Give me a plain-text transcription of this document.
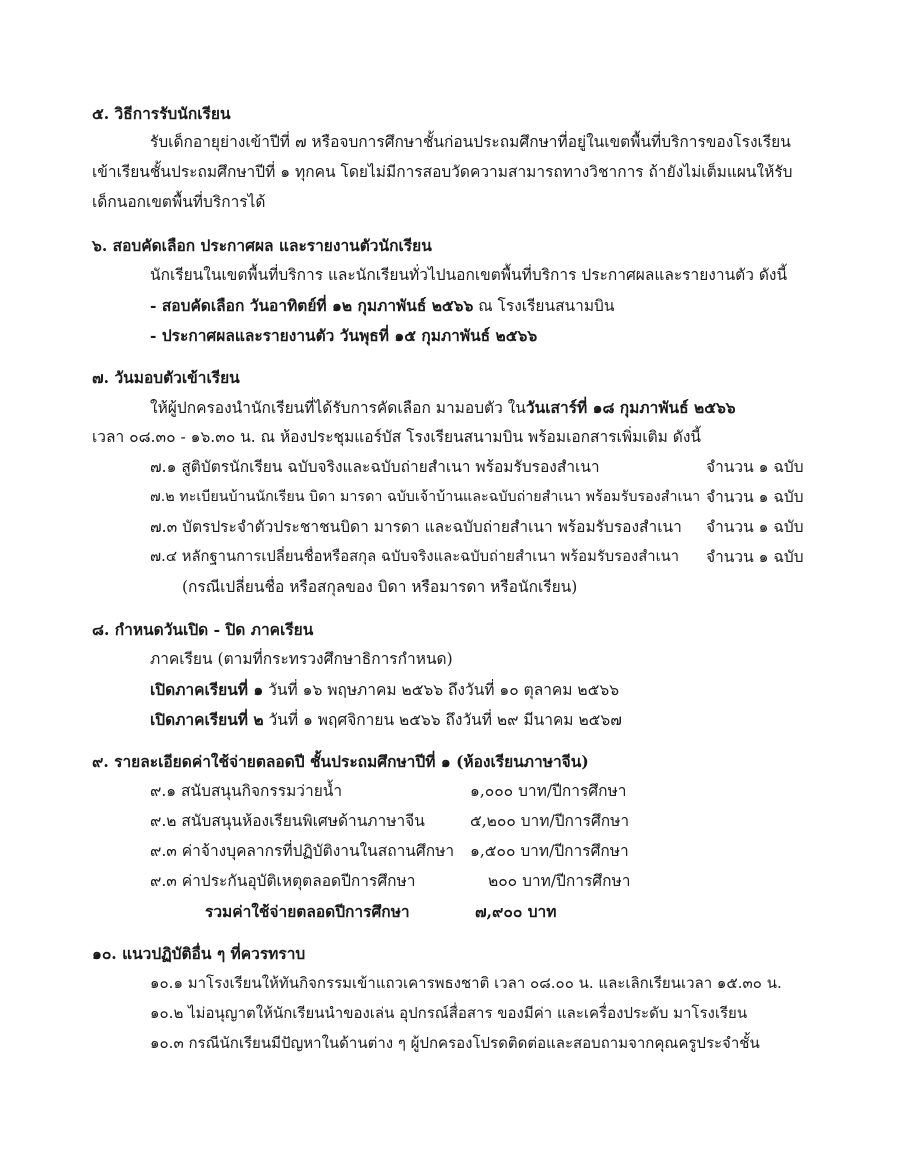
๕. วิธีการรับนักเรียน
รับเด็กอายุย่างเข้าปีที่ ๗ หรือจบการศึกษาชั้นก่อนประถมศึกษาที่อยู่ในเขตพื้นที่บริการของโรงเรียน
เข้าเรียนชั้นประถมศึกษาปีที่ ๑ ทุกคน โดยไม่มีการสอบวัดความสามารถทางวิชาการ ถ้ายังไม่เต็มแผนให้รับ
เด็กนอกเขตพื้นที่บริการได้
๖. สอบคัดเลือก ประกาศผล และรายงานตัวนักเรียน
นักเรียนในเขตพื้นที่บริการ และนักเรียนทั่วไปนอกเขตพื้นที่บริการ ประกาศผลและรายงานตัว ดังนี้
- สอบคัดเลือก วันอาทิตย์ที่ ๑๒ กุมภาพันธ์ ๒๕๖๖ ณ โรงเรียนสนามบิน
- ประกาศผลและรายงานตัว วันพุธที่ ๑๕ กุมภาพันธ์ ๒๕๖๖
๗. วันมอบตัวเข้าเรียน
ให้ผู้ปกครองนำนักเรียนที่ได้รับการคัดเลือก มามอบตัว ในวันเสาร์ที่ ๑๘ กุมภาพันธ์ ๒๕๖๖
เวลา ๐๘.๓๐ - ๑๖.๓๐ น. ณ ห้องประชุมแอร์บัส โรงเรียนสนามบิน พร้อมเอกสารเพิ่มเติม ดังนี้
๗.๑ สูติบัตรนักเรียน ฉบับจริงและฉบับถ่ายสำเนา พร้อมรับรองสำเนา	จำนวน ๑ ฉบับ
๗.๒ ทะเบียนบ้านนักเรียน บิดา มารดา ฉบับเจ้าบ้านและฉบับถ่ายสำเนา พร้อมรับรองสำเนา จำนวน ๑ ฉบับ
๗.๓ บัตรประจำตัวประชาชนบิดา มารดา และฉบับถ่ายสำเนา พร้อมรับรองสำเนา จำนวน ๑ ฉบับ
๗.๔ หลักฐานการเปลี่ยนชื่อหรือสกุล ฉบับจริงและฉบับถ่ายสำเนา พร้อมรับรองสำเนา จำนวน ๑ ฉบับ
(กรณีเปลี่ยนชื่อ หรือสกุลของ บิดา หรือมารดา หรือนักเรียน)
๘. กำหนดวันเปิด - ปิด ภาคเรียน
ภาคเรียน (ตามที่กระทรวงศึกษาธิการกำหนด)
เปิดภาคเรียนที่ ๑ วันที่ ๑๖ พฤษภาคม ๒๕๖๖ ถึงวันที่ ๑๐ ตุลาคม ๒๕๖๖
เปิดภาคเรียนที่ ๒ วันที่ ๑ พฤศจิกายน ๒๕๖๖ ถึงวันที่ ๒๙ มีนาคม ๒๕๖๗
๙. รายละเอียดค่าใช้จ่ายตลอดปี ชั้นประถมศึกษาปีที่ ๑ (ห้องเรียนภาษาจีน)
๙.๑ สนับสนุนกิจกรรมว่ายน้ำ	๑,๐๐๐ บาท/ปีการศึกษา
๙.๒ สนับสนุนห้องเรียนพิเศษด้านภาษาจีน	๕,๒๐๐ บาท/ปีการศึกษา
๙.๓ ค่าจ้างบุคลากรที่ปฏิบัติงานในสถานศึกษา ๑,๕๐๐ บาท/ปีการศึกษา
๙.๓ ค่าประกันอุบัติเหตุตลอดปีการศึกษา	๒๐๐ บาท/ปีการศึกษา
รวมค่าใช้จ่ายตลอดปีการศึกษา	๗,๙๐๐ บาท
๑๐. แนวปฏิบัติอื่น ๆ ที่ควรทราบ
๑๐.๑ มาโรงเรียนให้ทันกิจกรรมเข้าแถวเคารพธงชาติ เวลา ๐๘.๐๐ น. และเลิกเรียนเวลา ๑๕.๓๐ น.
๑๐.๒ ไม่อนุญาตให้นักเรียนนำของเล่น อุปกรณ์สื่อสาร ของมีค่า และเครื่องประดับ มาโรงเรียน
๑๐.๓ กรณีนักเรียนมีปัญหาในด้านต่าง ๆ ผู้ปกครองโปรดติดต่อและสอบถามจากคุณครูประจำชั้น
